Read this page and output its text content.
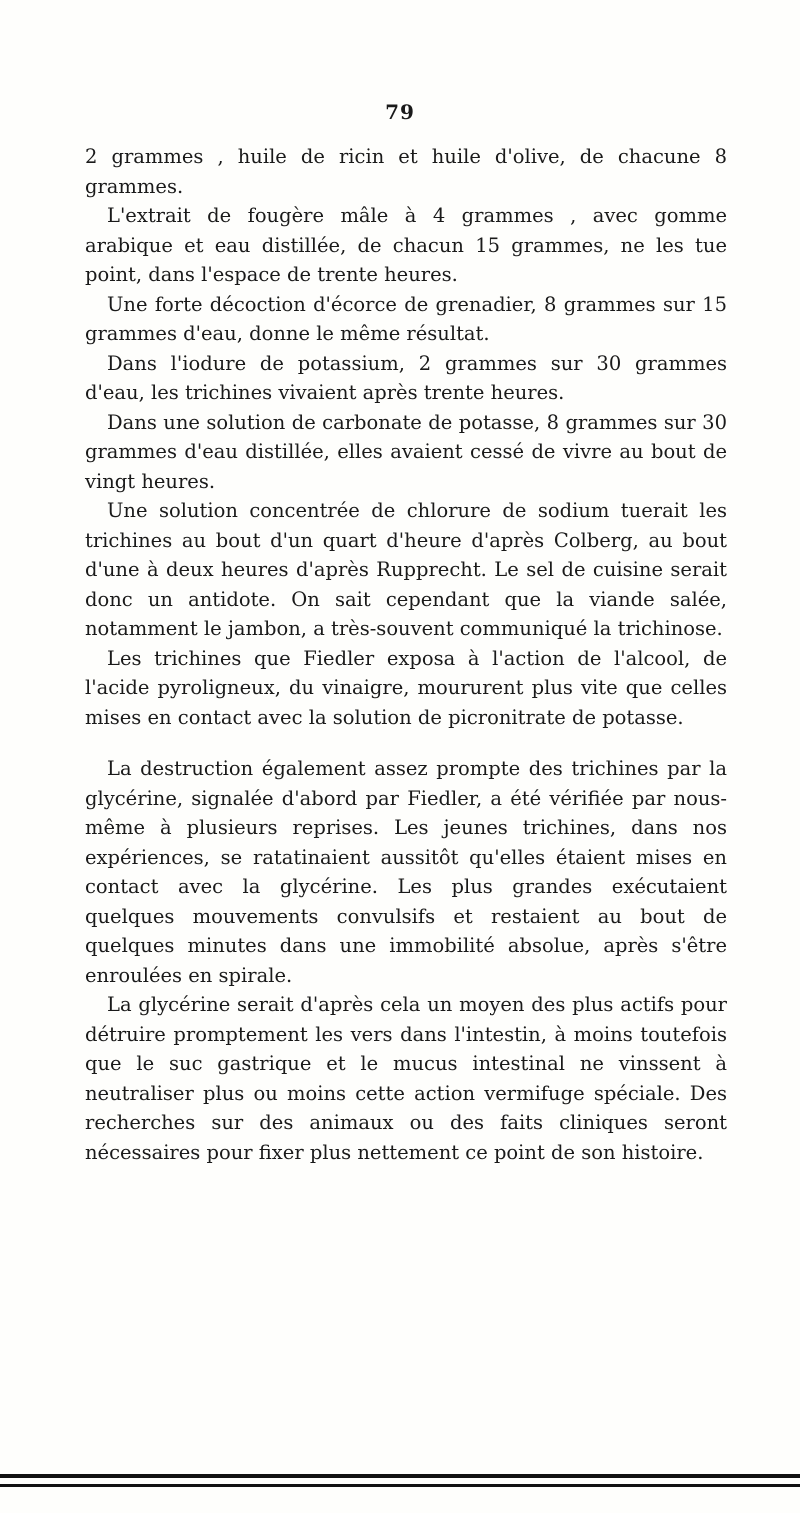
79

2 grammes , huile de ricin et huile d'olive, de chacune 8 grammes.

L'extrait de fougère mâle à 4 grammes , avec gomme arabique et eau distillée, de chacun 15 grammes, ne les tue point, dans l'espace de trente heures.

Une forte décoction d'écorce de grenadier, 8 grammes sur 15 grammes d'eau, donne le même résultat.

Dans l'iodure de potassium, 2 grammes sur 30 grammes d'eau, les trichines vivaient après trente heures.

Dans une solution de carbonate de potasse, 8 grammes sur 30 grammes d'eau distillée, elles avaient cessé de vivre au bout de vingt heures.

Une solution concentrée de chlorure de sodium tuerait les trichines au bout d'un quart d'heure d'après Colberg, au bout d'une à deux heures d'après Rupprecht. Le sel de cuisine serait donc un antidote. On sait cependant que la viande salée, notamment le jambon, a très-souvent communiqué la trichinose.

Les trichines que Fiedler exposa à l'action de l'alcool, de l'acide pyroligneux, du vinaigre, moururent plus vite que celles mises en contact avec la solution de picronitrate de potasse.

La destruction également assez prompte des trichines par la glycérine, signalée d'abord par Fiedler, a été vérifiée par nous-même à plusieurs reprises. Les jeunes trichines, dans nos expériences, se ratatinaient aussitôt qu'elles étaient mises en contact avec la glycérine. Les plus grandes exécutaient quelques mouvements convulsifs et restaient au bout de quelques minutes dans une immobilité absolue, après s'être enroulées en spirale.

La glycérine serait d'après cela un moyen des plus actifs pour détruire promptement les vers dans l'intestin, à moins toutefois que le suc gastrique et le mucus intestinal ne vinssent à neutraliser plus ou moins cette action vermifuge spéciale. Des recherches sur des animaux ou des faits cliniques seront nécessaires pour fixer plus nettement ce point de son histoire.
